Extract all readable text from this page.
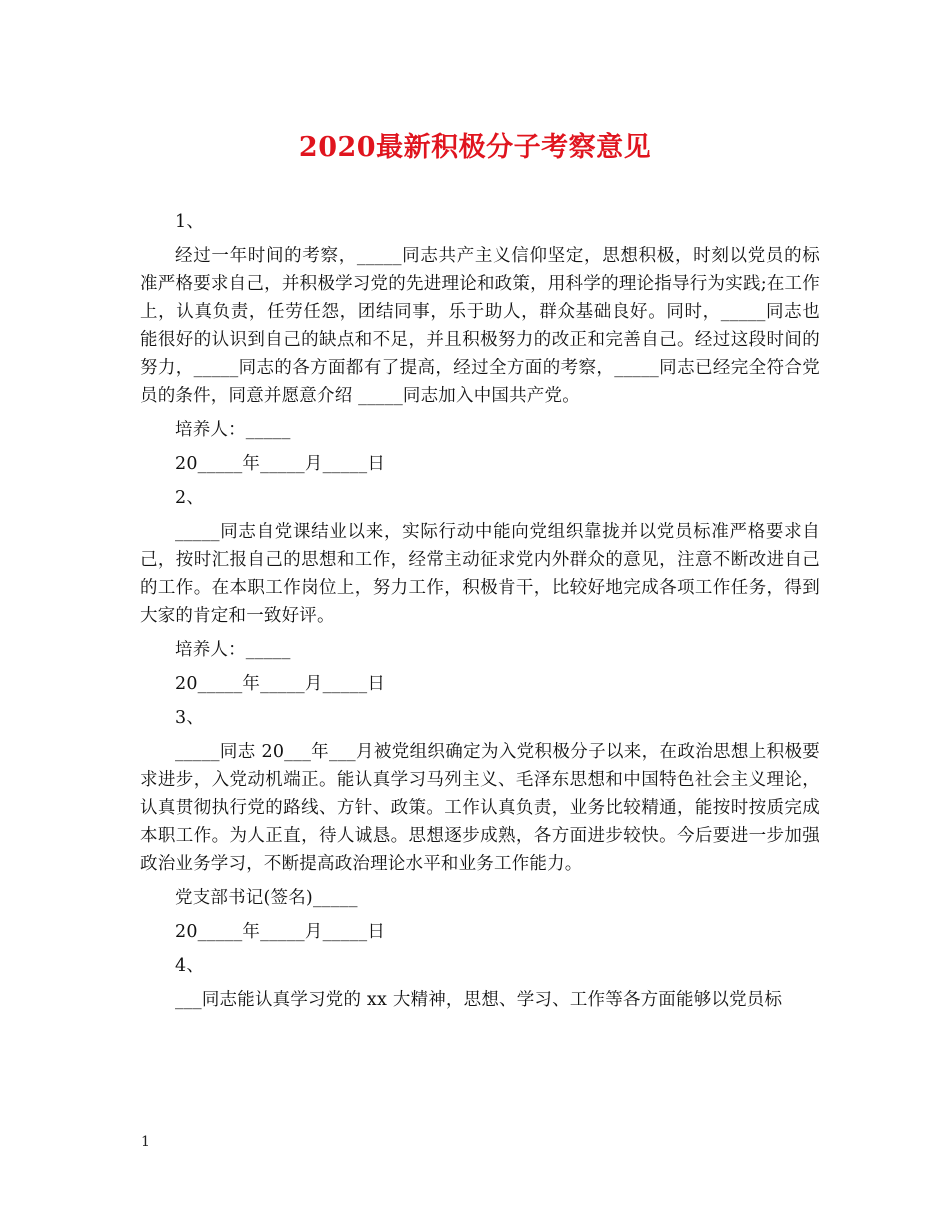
2020最新积极分子考察意见

1、

经过一年时间的考察，_____同志共产主义信仰坚定，思想积极，时刻以党员的标准严格要求自己，并积极学习党的先进理论和政策，用科学的理论指导行为实践;在工作上，认真负责，任劳任怨，团结同事，乐于助人，群众基础良好。同时，_____同志也能很好的认识到自己的缺点和不足，并且积极努力的改正和完善自己。经过这段时间的努力，_____同志的各方面都有了提高，经过全方面的考察，_____同志已经完全符合党员的条件，同意并愿意介绍 _____同志加入中国共产党。

培养人：_____

20_____年_____月_____日

2、

_____同志自党课结业以来，实际行动中能向党组织靠拢并以党员标准严格要求自己，按时汇报自己的思想和工作，经常主动征求党内外群众的意见，注意不断改进自己的工作。在本职工作岗位上，努力工作，积极肯干，比较好地完成各项工作任务，得到大家的肯定和一致好评。

培养人：_____

20_____年_____月_____日

3、

_____同志 20___年___月被党组织确定为入党积极分子以来，在政治思想上积极要求进步，入党动机端正。能认真学习马列主义、毛泽东思想和中国特色社会主义理论，认真贯彻执行党的路线、方针、政策。工作认真负责，业务比较精通，能按时按质完成本职工作。为人正直，待人诚恳。思想逐步成熟，各方面进步较快。今后要进一步加强政治业务学习，不断提高政治理论水平和业务工作能力。

党支部书记(签名)_____

20_____年_____月_____日

4、

___同志能认真学习党的 xx 大精神，思想、学习、工作等各方面能够以党员标

1
